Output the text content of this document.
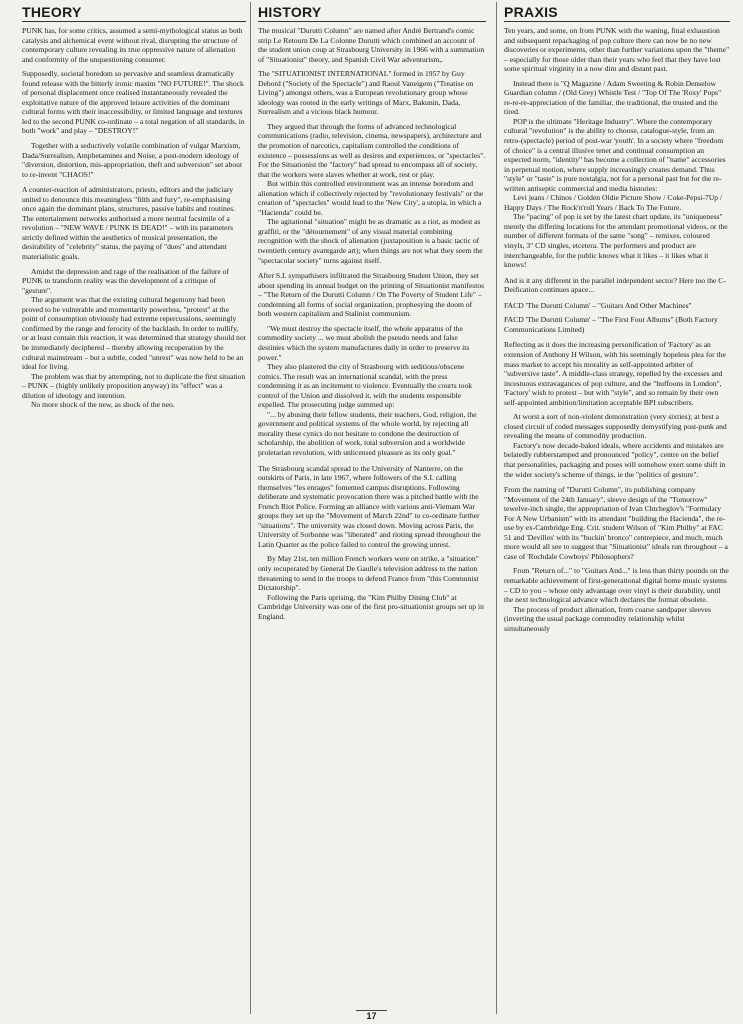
THEORY

PUNK has, for some critics, assumed a semi-mythological status as both catalysis and alchemical event without rival, disrupting the structure of contemporary culture revealing its true oppressive nature of alienation and conformity of the unquestioning consumer.

Supposedly, societal boredom so pervasive and seamless dramatically found release with the bitterly ironic maxim "NO FUTURE!". The shock of personal displacement once realised instantaneously revealed the exploitative nature of the approved leisure activities of the dominant cultural forms with their inaccessibility, or limited language and textures led to the second PUNK co-ordinate – a total negation of all standards, in both "work" and play – "DESTROY!"

Together with a seductively volatile combination of vulgar Marxism, Dada/Surrealism, Amphetamines and Noise, a post-modern ideology of "diversion, distortion, mis-appropriation, theft and subversion" set about to re-invent "CHAOS!"

A counter-reaction of administrators, priests, editors and the judiciary united to denounce this meaningless "filth and fury", re-emphasising once again the dominant plans, structures, passive habits and routines. The entertainment networks authorised a more neutral facsimile of a revolution – "NEW WAVE / PUNK IS DEAD!" – with its parameters strictly defined within the aesthetics of musical presentation, the desirability of "celebrity" status, the paying of "dues" and attendant materialistic goals.

Amidst the depression and rage of the realisation of the failure of PUNK to transform reality was the development of a critique of "gesture".

The argument was that the existing cultural hegemony had been proved to be vulnerable and momentarily powerless, "protest" at the point of consumption obviously had extreme repercussions, seemingly confirmed by the range and ferocity of the backlash. In order to nullify, or at least contain this reaction, it was determined that strategy should not be immediately deciphered – thereby allowing recuperation by the cultural mainstream – but a subtle, coded "unrest" was now held to be an ideal for living.

The problem was that by attempting, not to duplicate the first situation – PUNK – (highly unlikely proposition anyway) its "effect" was a dilution of ideology and intention.

No more shock of the new, as shock of the neo.

HISTORY

The musical "Durutti Column" are named after André Bertrand's comic strip Le Retourn De La Colonne Durutti which combined an account of the student union coup at Strasbourg University in 1966 with a summation of "Situationist" theory, and Spanish Civil War adventurism,.

The "SITUATIONIST INTERNATIONAL" formed in 1957 by Guy Debord ("Society of the Spectacle") and Raoul Vaneigem ("Treatise on Living") amongst others, was a European revolutionary group whose ideology was rooted in the early writings of Marx, Bakunin, Dada, Surrealism and a vicious black humour.

They argued that through the forms of advanced technological communications (radio, television, cinema, newspapers), architecture and the promotion of narcotics, capitalism controlled the conditions of existence – possessions as well as desires and experiences, or "spectacles". For the Situationist the "factory" had spread to encompass all of society, that the workers were slaves whether at work, rest or play.

But within this controlled environment was an intense boredom and alienation which if collectively rejected by "revolutionary festivals" or the creation of "spectacles" would lead to the 'New City', a utopia, in which a "Hacienda" could be.

The agitational "situation" might be as dramatic as a riot, as modest as graffiti, or the "détournement" of any visual material combining recognition with the shock of alienation (juxtaposition is a basic tactic of twentieth century avantgarde art); when things are not what they seem the "spectacular society" turns against itself.

After S.I. sympathisers infiltrated the Strasbourg Student Union, they set about spending its annual budget on the printing of Situationist manifestos – "The Return of the Durutti Column / On The Poverty of Student Life" – condemning all forms of social organization, prophesying the doom of both western capitalism and Stalinist communism.

"We must destroy the spectacle itself, the whole apparatus of the commodity society ... we must abolish the pseudo needs and false destinies which the system manufactures daily in order to preserve its power."

They also plastered the city of Strasbourg with seditious/obscene comics. The result was an international scandal, with the press condemning it as an incitement to violence. Eventually the courts took control of the Union and dissolved it, with the students responsible expelled. The prosecuting judge summed up:

"... by abusing their fellow students, their teachers, God, religion, the government and political systems of the whole world, by rejecting all morality these cynics do not hesitate to condone the destruction of scholarship, the abolition of work, total subversion and a worldwide proletarian revolution, with unlicensed pleasure as its only goal."

The Strasbourg scandal spread to the University of Nanterre, on the outskirts of Paris, in late 1967, where followers of the S.I. calling themselves "les enrages" fomented campus disruptions. Following deliberate and systematic provocation there was a pitched battle with the French Riot Police. Forming an alliance with various anti-Vietnam War groups they set up the "Movement of March 22nd" to co-ordinate further "situations". The university was closed down. Moving across Paris, the University of Sorbonne was "liberated" and rioting spread throughout the Latin Quarter as the police failed to control the growing unrest.

By May 21st, ten million French workers were on strike, a "situation" only recuperated by General De Gaulle's television address to the nation threatening to send in the troops to defend France from "this Communist Dictatorship".

Following the Paris uprising, the "Kim Philby Dining Club" at Cambridge University was one of the first pro-situationist groups set up in England.

PRAXIS

Ten years, and some, on from PUNK with the waning, final exhaustion and subsequent repackaging of pop culture there can now be no new discoveries or experiments, other than further variations upon the "theme" – especially for those older than their years who feel that they have lost some spiritual virginity in a now dim and distant past.

Instead there is "Q Magazine / Adam Sweeting & Robin Denselow Guardian column / (Old Grey) Whistle Test / "Top Of The 'Roxy' Pops" re-re-re-appreciation of the familiar, the traditional, the trusted and the tired.

POP is the ultimate "Heritage Industry". Where the contemporary cultural "revolution" is the ability to choose, catalogue-style, from an retro-(spectacle) period of post-war 'youth'. In a society where "freedom of choice" is a central illusive tenet and continual consumption an expected norm, "identity" has become a collection of "name" accessories in perpetual motion, where supply increasingly creates demand. Thus "style" or "taste" is pure nostalgia, not for a personal past but for the re-written antiseptic commercial and media histories:

Levi jeans / Chinos / Golden Oldie Picture Show / Coke-Pepsi-7Up / Happy Days / The Rock'n'roll Years / Back To The Future.

The "pacing" of pop is set by the latest chart update, its "uniqueness" merely the differing locations for the attendant promotional videos, or the number of different formats of the same "song" – remixes, coloured vinyls, 3" CD singles, etcetera. The performers and product are interchangeable, for the public knows what it likes – it likes what it knows!

And is it any different in the parallel independent sector? Here too the C-Deification continues apace...

FACD 'The Durutti Column' – "Guitars And Other Machines"

FACD 'The Durutti Column' – "The First Four Albums" (Both Factory Communications Limited)

Reflecting as it does the increasing personification of 'Factory' as an extension of Anthony H Wilson, with his seemingly hopeless plea for the mass market to accept his morality as self-appointed arbiter of "subversive taste". A middle-class strategy, repelled by the excesses and incestuous extravagances of pop culture, and the "buffoons in London", 'Factory' wish to protest – but with "style", and so remain by their own self-appointed ambition/limitation acceptable BPI subscribers.

At worst a sort of non-violent demonstration (very sixties); at best a closed circuit of coded messages supposedly demystifying post-punk and revealing the means of commodity production.

Factory's now decade-baked ideals, where accidents and mistakes are belatedly rubberstamped and pronounced "policy", centre on the belief that personalities, packaging and poses will somehow exert some shift in the wider society's scheme of things, ie the "politics of gesture".

From the naming of "Durutti Column", its publishing company "Movement of the 24th January", sleeve design of the "Tomorrow" tewelve-inch single, the appropriation of Ivan Chtcheglov's "Formulary For A New Urbanism" with its attendant "building the Hacienda", the re-use by ex-Cambridge Eng. Crit. student Wilson of "Kim Philby" at FAC 51 and 'Devilles' with its "buckin' bronco" centrepiece, and much, much more would all see to suggest that "Situationist" ideals run throughout – a case of 'Rochdale Cowboys' Philosophers?

From "Return of..." to "Guitars And..." is less than thirty pounds on the remarkable achievement of first-generational digital home music systems – CD to you – whose only advantage over vinyl is their durability, until the next technological advance which declares the format obsolete.

The process of product alienation, from coarse sandpaper sleeves (inverting the usual package commodity relationship whilst simultaneously

17
